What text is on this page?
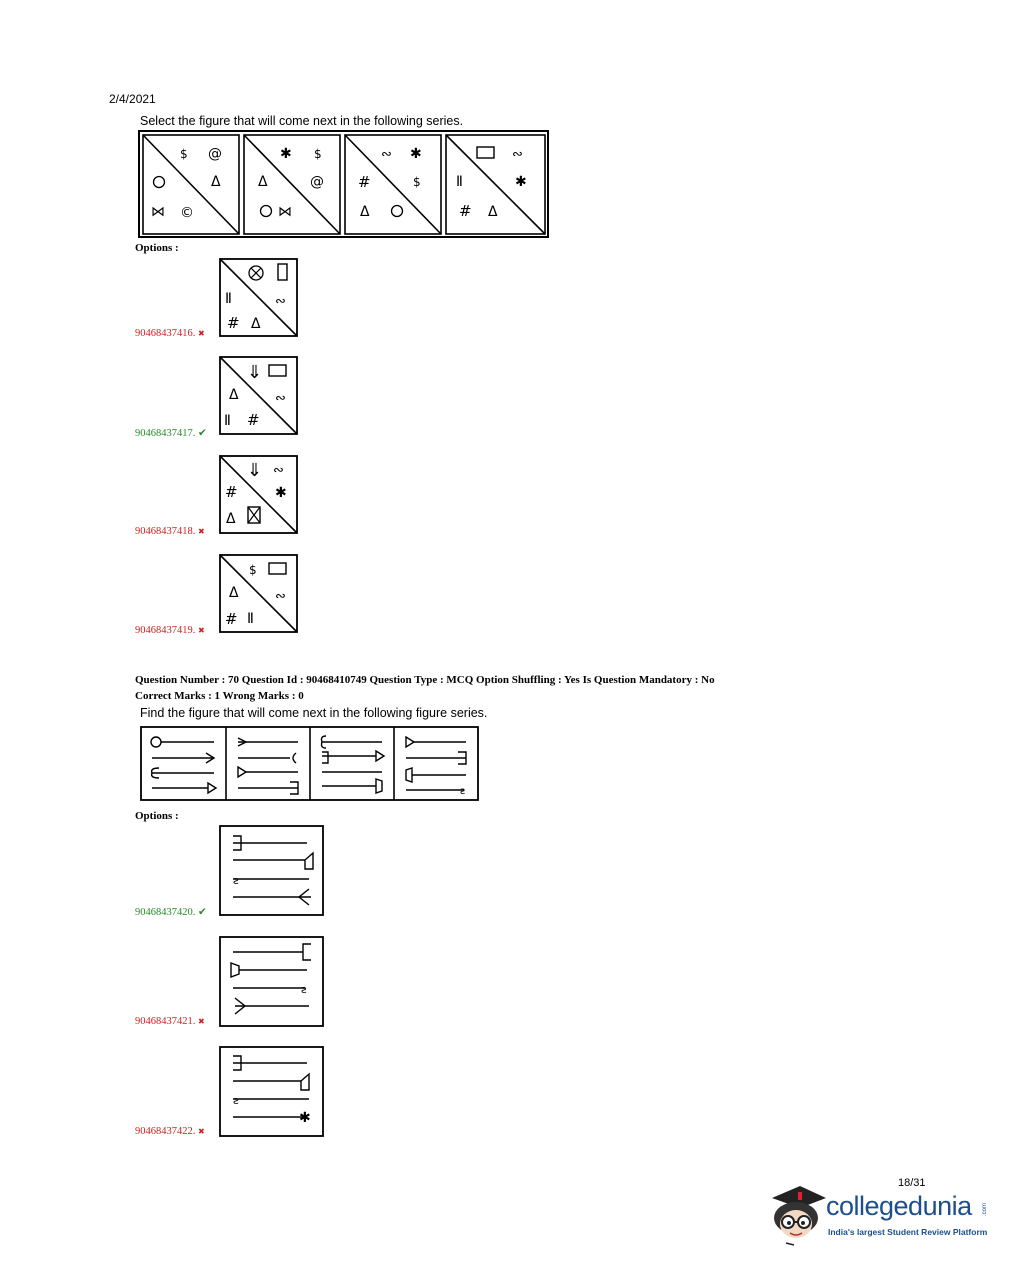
2/4/2021
Select the figure that will come next in the following series.
$ @
Δ
⋈ ©
✱ $
Δ	@
⋈
∾ ✱
#	$
Δ
∾
Ⅱ	✱
# Δ
Options :
Ⅱ	∾
# Δ
90468437416. ✖
⇓
Δ	∾
Ⅱ #
90468437417. ✔
⇓ ∾
#	✱
Δ
90468437418. ✖
$
Δ	∾
# Ⅱ
90468437419. ✖
Question Number : 70 Question Id : 90468410749 Question Type : MCQ Option Shuffling : Yes Is Question Mandatory : No
Correct Marks : 1 Wrong Marks : 0
Find the figure that will come next in the following figure series.
ƨ
Options :
ƨ
90468437420. ✔
ƨ
90468437421. ✖
✱
ƨ
90468437422. ✖
18/31
collegedunia .com
India's largest Student Review Platform
